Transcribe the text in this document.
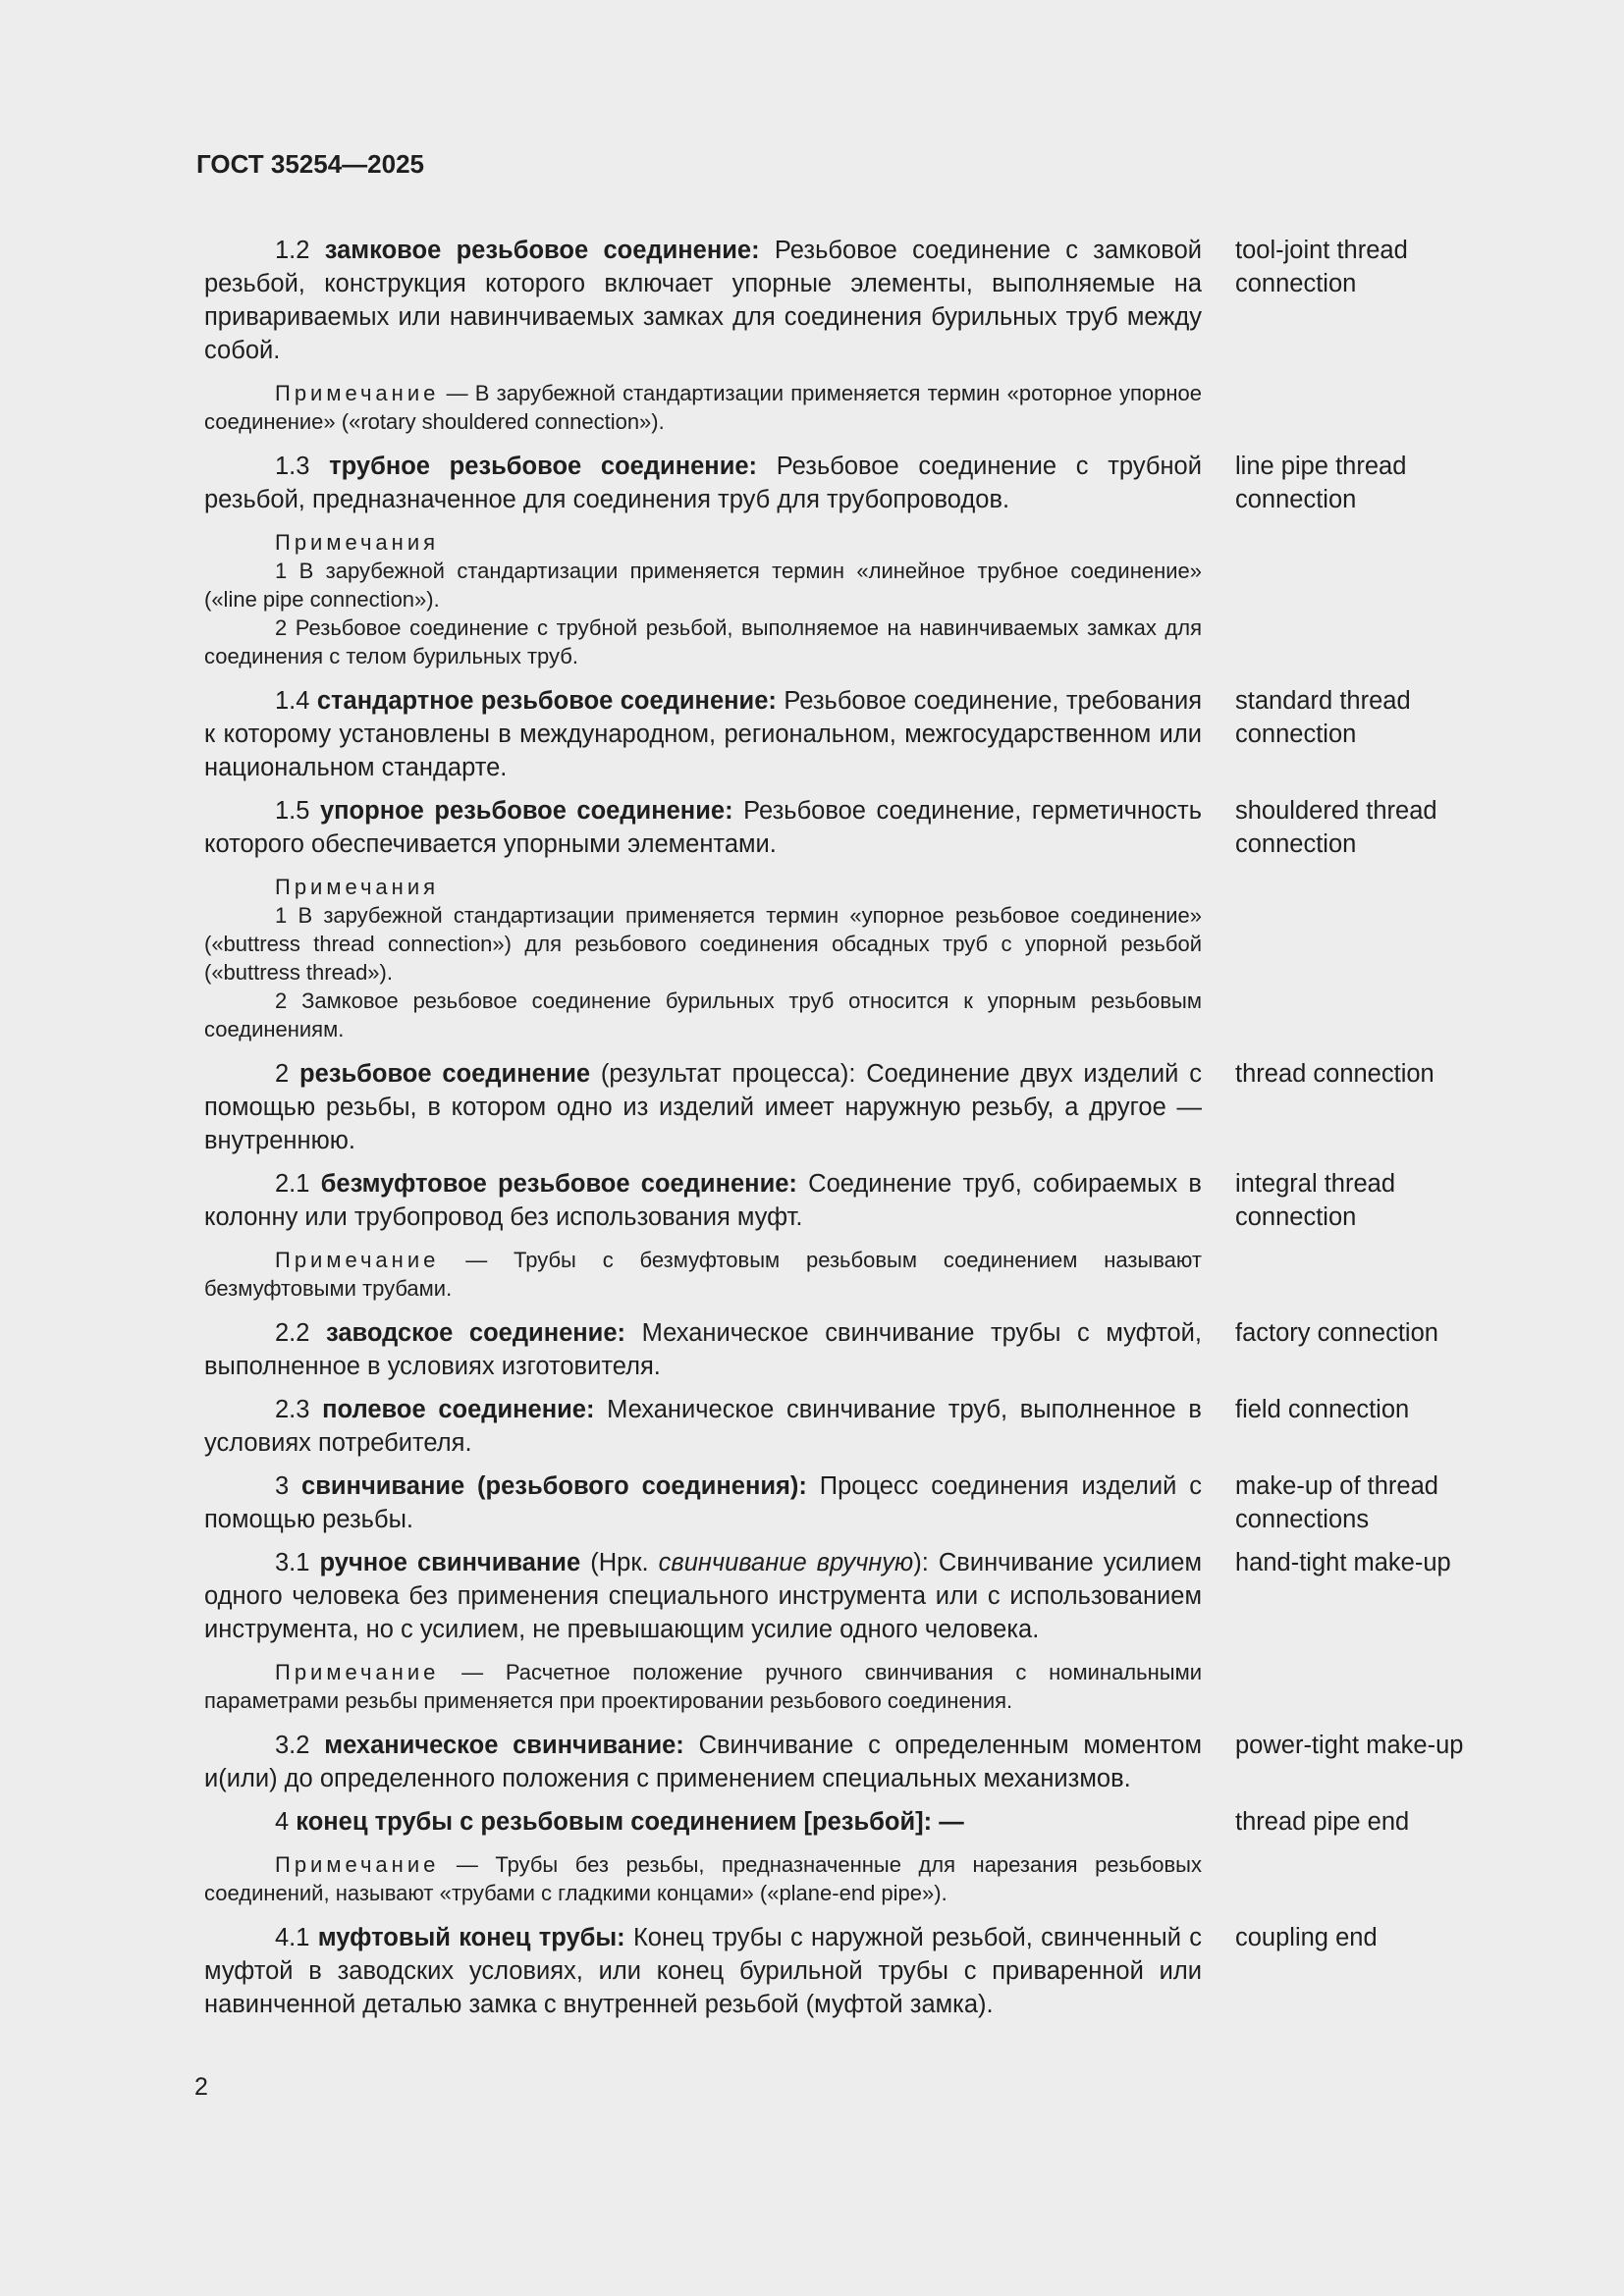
ГОСТ 35254—2025

1.2 замковое резьбовое соединение: Резьбовое соединение с замковой резьбой, конструкция которого включает упорные элементы, выполняемые на привариваемых или навинчиваемых замках для соединения бурильных труб между собой.

Примечание — В зарубежной стандартизации применяется термин «роторное упорное соединение» («rotary shouldered connection»).

tool-joint thread connection

1.3 трубное резьбовое соединение: Резьбовое соединение с трубной резьбой, предназначенное для соединения труб для трубопроводов.

Примечания

1 В зарубежной стандартизации применяется термин «линейное трубное соединение» («line pipe connection»).

2 Резьбовое соединение с трубной резьбой, выполняемое на навинчиваемых замках для соединения с телом бурильных труб.

line pipe thread connection

1.4 стандартное резьбовое соединение: Резьбовое соединение, требования к которому установлены в международном, региональном, межгосударственном или национальном стандарте.

standard thread connection

1.5 упорное резьбовое соединение: Резьбовое соединение, герметичность которого обеспечивается упорными элементами.

Примечания

1 В зарубежной стандартизации применяется термин «упорное резьбовое соединение» («buttress thread connection») для резьбового соединения обсадных труб с упорной резьбой («buttress thread»).

2 Замковое резьбовое соединение бурильных труб относится к упорным резьбовым соединениям.

shouldered thread connection

2 резьбовое соединение (результат процесса): Соединение двух изделий с помощью резьбы, в котором одно из изделий имеет наружную резьбу, а другое — внутреннюю.

thread connection

2.1 безмуфтовое резьбовое соединение: Соединение труб, собираемых в колонну или трубопровод без использования муфт.

Примечание — Трубы с безмуфтовым резьбовым соединением называют безмуфтовыми трубами.

integral thread connection

2.2 заводское соединение: Механическое свинчивание трубы с муфтой, выполненное в условиях изготовителя.

factory connection

2.3 полевое соединение: Механическое свинчивание труб, выполненное в условиях потребителя.

field connection

3 свинчивание (резьбового соединения): Процесс соединения изделий с помощью резьбы.

make-up of thread connections

3.1 ручное свинчивание (Нрк. свинчивание вручную): Свинчивание усилием одного человека без применения специального инструмента или с использованием инструмента, но с усилием, не превышающим усилие одного человека.

Примечание — Расчетное положение ручного свинчивания с номинальными параметрами резьбы применяется при проектировании резьбового соединения.

hand-tight make-up

3.2 механическое свинчивание: Свинчивание с определенным моментом и(или) до определенного положения с применением специальных механизмов.

power-tight make-up

4 конец трубы с резьбовым соединением [резьбой]: —

Примечание — Трубы без резьбы, предназначенные для нарезания резьбовых соединений, называют «трубами с гладкими концами» («plane-end pipe»).

thread pipe end

4.1 муфтовый конец трубы: Конец трубы с наружной резьбой, свинченный с муфтой в заводских условиях, или конец бурильной трубы с приваренной или навинченной деталью замка с внутренней резьбой (муфтой замка).

coupling end
2
